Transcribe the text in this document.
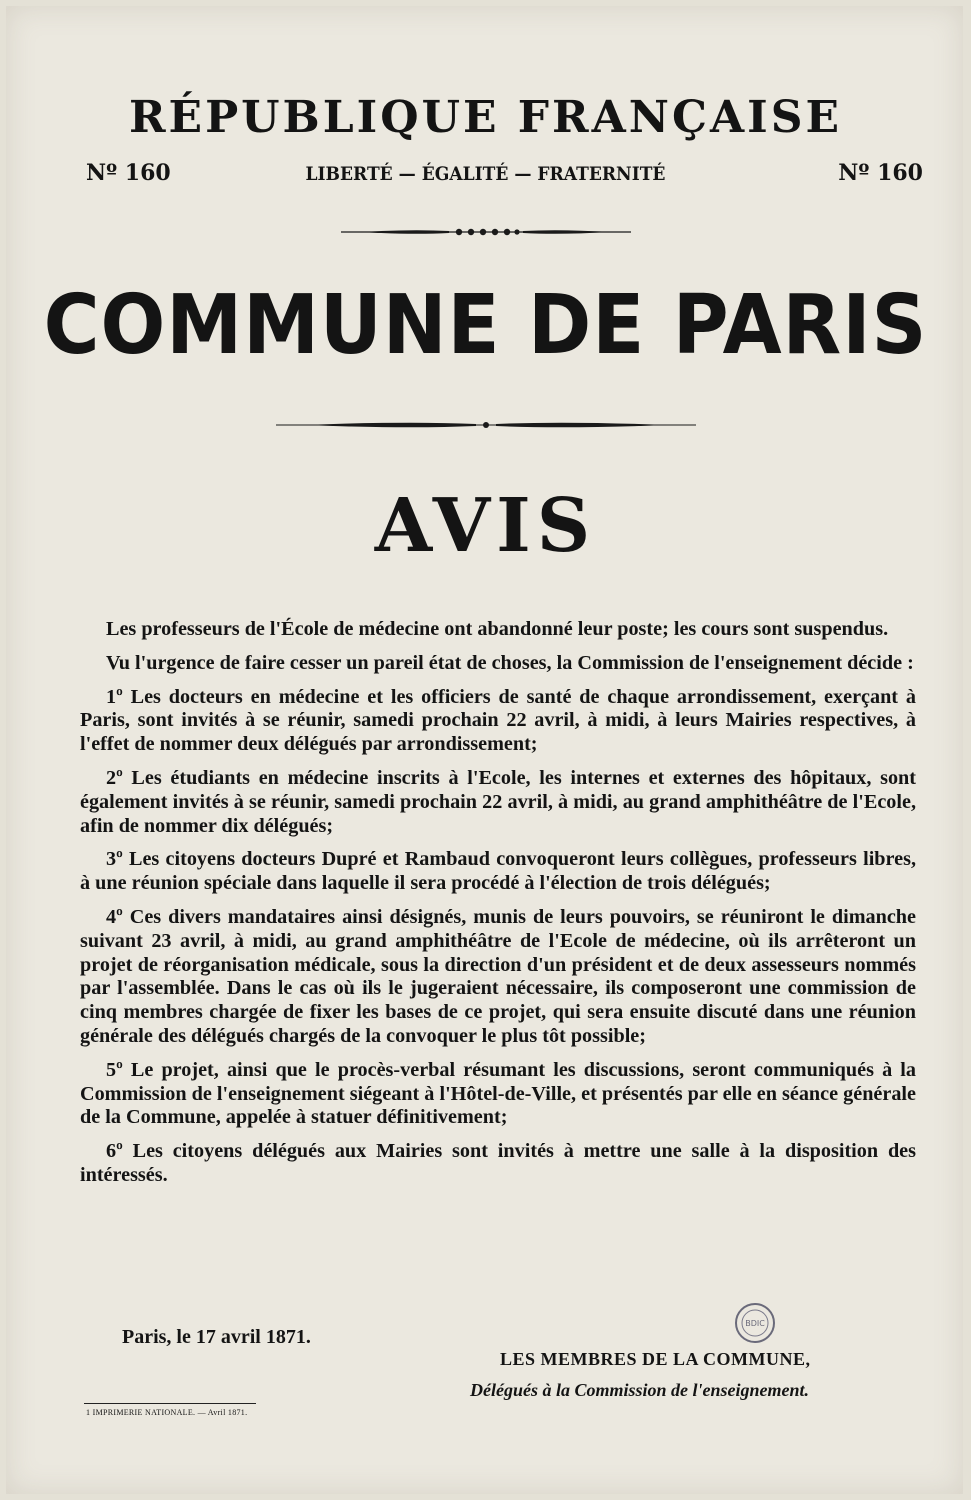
RÉPUBLIQUE FRANÇAISE
Nº 160	LIBERTÉ — ÉGALITÉ — FRATERNITÉ	Nº 160
COMMUNE DE PARIS
AVIS

Les professeurs de l'École de médecine ont abandonné leur poste; les cours sont suspendus.

Vu l'urgence de faire cesser un pareil état de choses, la Commission de l'enseignement décide :

1º Les docteurs en médecine et les officiers de santé de chaque arrondissement, exerçant à Paris, sont invités à se réunir, samedi prochain 22 avril, à midi, à leurs Mairies respectives, à l'effet de nommer deux délégués par arrondissement;

2º Les étudiants en médecine inscrits à l'Ecole, les internes et externes des hôpitaux, sont également invités à se réunir, samedi prochain 22 avril, à midi, au grand amphithéâtre de l'Ecole, afin de nommer dix délégués;

3º Les citoyens docteurs Dupré et Rambaud convoqueront leurs collègues, professeurs libres, à une réunion spéciale dans laquelle il sera procédé à l'élection de trois délégués;

4º Ces divers mandataires ainsi désignés, munis de leurs pouvoirs, se réuniront le dimanche suivant 23 avril, à midi, au grand amphithéâtre de l'Ecole de médecine, où ils arrêteront un projet de réorganisation médicale, sous la direction d'un président et de deux assesseurs nommés par l'assemblée. Dans le cas où ils le jugeraient nécessaire, ils composeront une commission de cinq membres chargée de fixer les bases de ce projet, qui sera ensuite discuté dans une réunion générale des délégués chargés de la convoquer le plus tôt possible;

5º Le projet, ainsi que le procès-verbal résumant les discussions, seront communiqués à la Commission de l'enseignement siégeant à l'Hôtel-de-Ville, et présentés par elle en séance générale de la Commune, appelée à statuer définitivement;

6º Les citoyens délégués aux Mairies sont invités à mettre une salle à la disposition des intéressés.

Paris, le 17 avril 1871.
BDIC
LES MEMBRES DE LA COMMUNE,
Délégués à la Commission de l'enseignement.
1 IMPRIMERIE NATIONALE. — Avril 1871.
